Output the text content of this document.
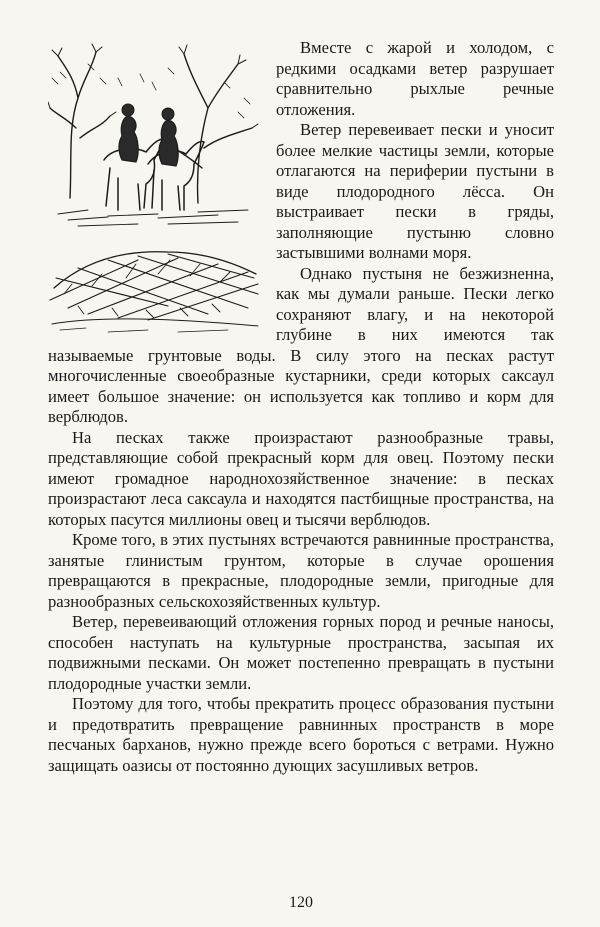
Вместе с жарой и холодом, с редкими осадками ветер разрушает сравнительно рыхлые речные отложения.

Ветер перевеивает пески и уносит более мелкие частицы земли, которые отлагаются на периферии пустыни в виде плодородного лёсса. Он выстраивает пески в гряды, заполняющие пустыню словно застывшими волнами моря.

Однако пустыня не безжизненна, как мы думали раньше. Пески легко сохраняют влагу, и на некоторой глубине в них имеются так называемые грунтовые воды. В силу этого на песках растут многочисленные своеобразные кустарники, среди которых саксаул имеет большое значение: он используется как топливо и корм для верблюдов.

На песках также произрастают разнообразные травы, представляющие собой прекрасный корм для овец. Поэтому пески имеют громадное народнохозяйственное значение: в песках произрастают леса саксаула и находятся пастбищные пространства, на которых пасутся миллионы овец и тысячи верблюдов.

Кроме того, в этих пустынях встречаются равнинные пространства, занятые глинистым грунтом, которые в случае орошения превращаются в прекрасные, плодородные земли, пригодные для разнообразных сельскохозяйственных культур.

Ветер, перевеивающий отложения горных пород и речные наносы, способен наступать на культурные пространства, засыпая их подвижными песками. Он может постепенно превращать в пустыни плодородные участки земли.

Поэтому для того, чтобы прекратить процесс образования пустыни и предотвратить превращение равнинных пространств в море песчаных барханов, нужно прежде всего бороться с ветрами. Нужно защищать оазисы от постоянно дующих засушливых ветров.

120
